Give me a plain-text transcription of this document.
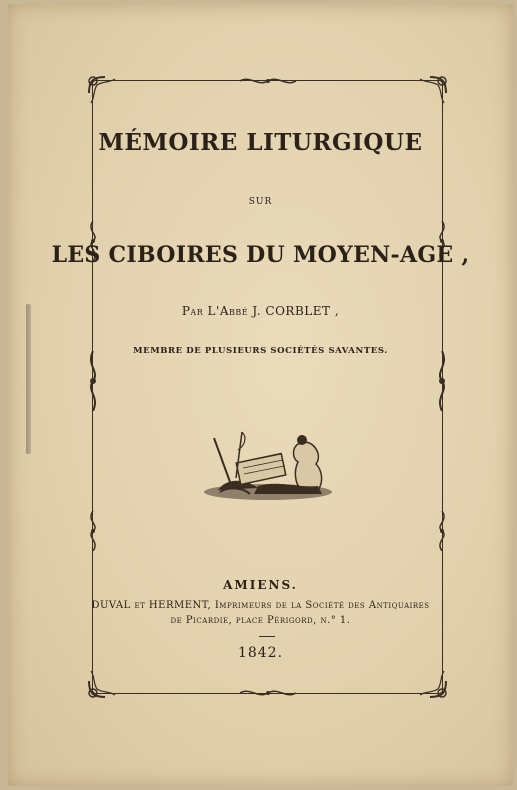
MÉMOIRE LITURGIQUE
SUR
LES CIBOIRES DU MOYEN-AGE ,
Par L'Abbé J. CORBLET ,
MEMBRE DE PLUSIEURS SOCIÉTÉS SAVANTES.
AMIENS.
DUVAL et HERMENT, Imprimeurs de la Société des Antiquaires
de Picardie, place Périgord, n.° 1.
1842.
